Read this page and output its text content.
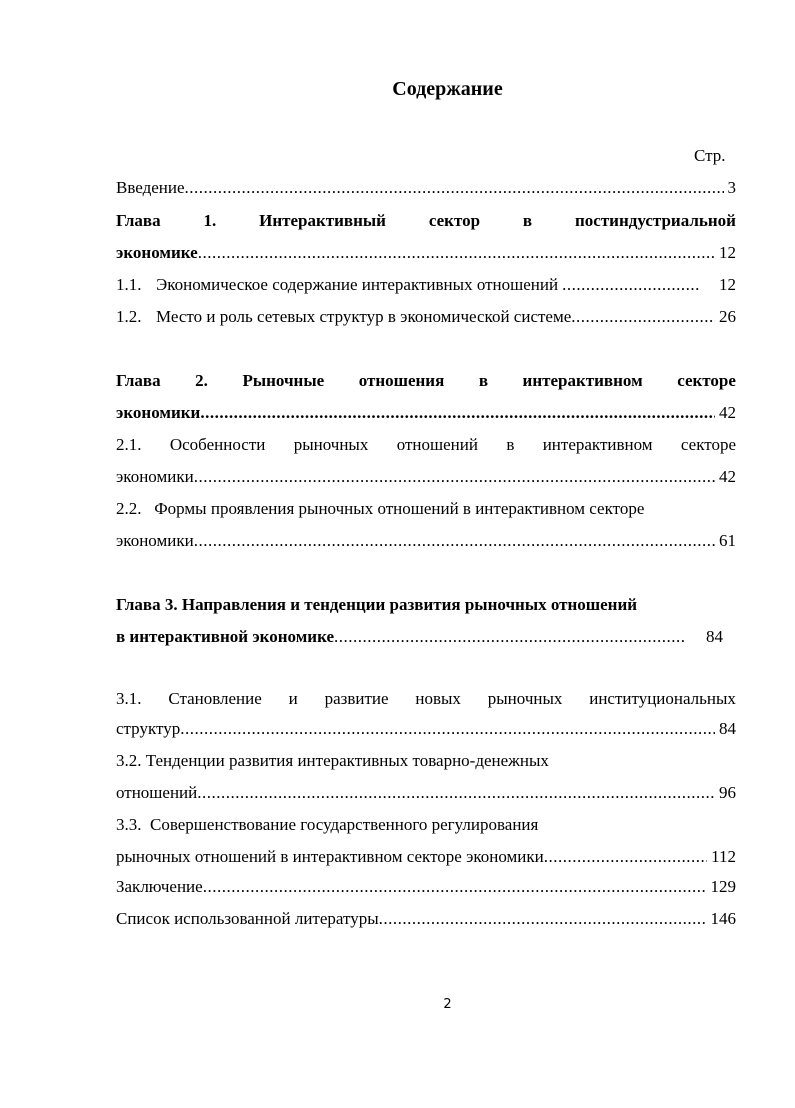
Содержание
Стр.
Введение .....	3
Глава	1.	Интерактивный	сектор	в	постиндустриальной
экономике .....	12
1.1. Экономическое содержание интерактивных отношений .....	12
1.2. Место и роль сетевых структур в экономической системе .....	26
Глава 2. Рыночные отношения в интерактивном секторе
экономики .....	42
2.1. Особенности рыночных отношений в интерактивном секторе
экономики .....	42
2.2.   Формы проявления рыночных отношений в интерактивном секторе
экономики .....	61
Глава 3. Направления и тенденции развития рыночных отношений
в интерактивной экономике .....	84
3.1. Становление и развитие новых рыночных институциональных
структур .....	84
3.2. Тенденции развития интерактивных товарно-денежных
отношений .....	96
3.3.  Совершенствование государственного регулирования
рыночных отношений в интерактивном секторе экономики .....	112
Заключение .....	129
Список использованной литературы .....	146
2
